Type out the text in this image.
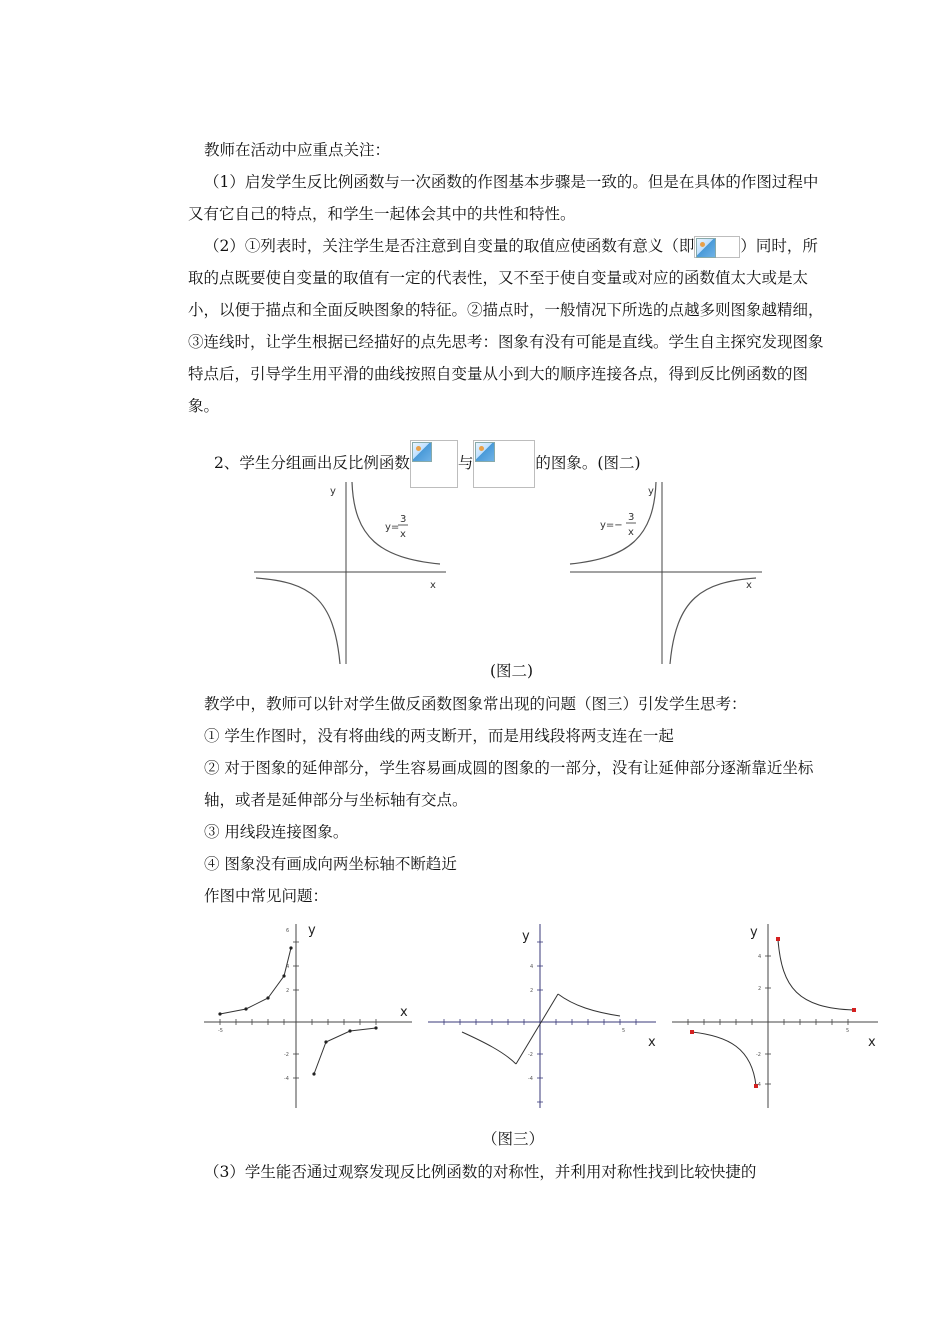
教师在活动中应重点关注：

（1）启发学生反比例函数与一次函数的作图基本步骤是一致的。但是在具体的作图过程中又有它自己的特点，和学生一起体会其中的共性和特性。

（2）①列表时，关注学生是否注意到自变量的取值应使函数有意义（即	）同时，所取的点既要使自变量的取值有一定的代表性，又不至于使自变量或对应的函数值太大或是太小，以便于描点和全面反映图象的特征。②描点时，一般情况下所选的点越多则图象越精细，③连线时，让学生根据已经描好的点先思考：图象有没有可能是直线。学生自主探究发现图象特点后，引导学生用平滑的曲线按照自变量从小到大的顺序连接各点，得到反比例函数的图象。

2、学生分组画出反比例函数	与	的图象。(图二)
y
x
y=
3
x
y
x
y=−
3
x
(图二)

教学中，教师可以针对学生做反函数图象常出现的问题（图三）引发学生思考：

① 学生作图时，没有将曲线的两支断开，而是用线段将两支连在一起

② 对于图象的延伸部分，学生容易画成圆的图象的一部分，没有让延伸部分逐渐靠近坐标轴，或者是延伸部分与坐标轴有交点。

③ 用线段连接图象。

④ 图象没有画成向两坐标轴不断趋近

作图中常见问题：

y
x
6
4
2
-2
-4
-5
y
x
4
2
-2
-4
5
y
x
4
2
-2
-4
5
（图三）

（3）学生能否通过观察发现反比例函数的对称性，并利用对称性找到比较快捷的
